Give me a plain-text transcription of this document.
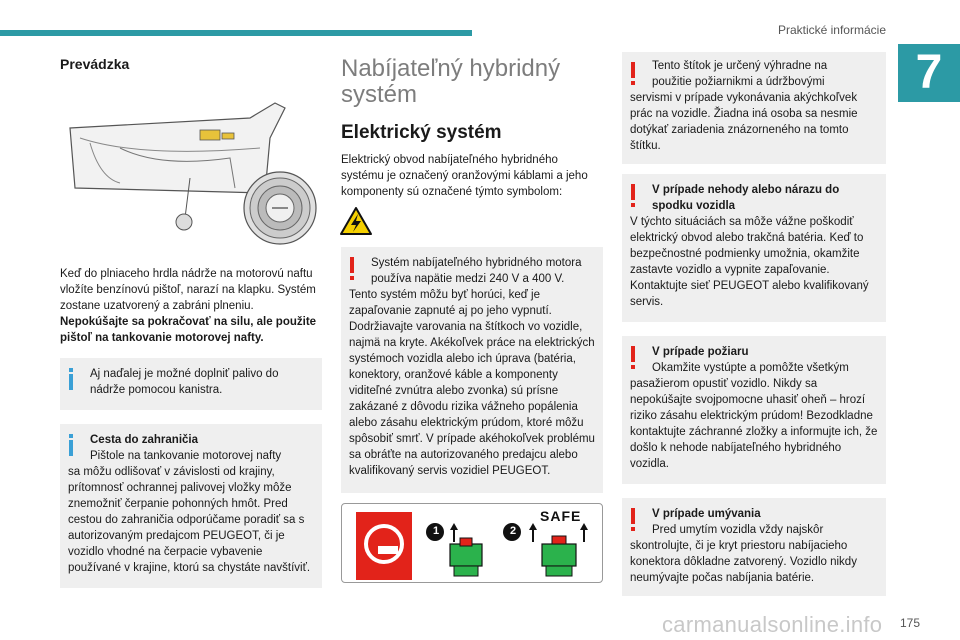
Praktické informácie
7
Prevádzka

Keď do plniaceho hrdla nádrže na motorovú naftu vložíte benzínovú pištoľ, narazí na klapku. Systém zostane uzatvorený a zabráni plneniu. Nepokúšajte sa pokračovať na silu, ale použite pištoľ na tankovanie motorovej nafty.

Aj naďalej je možné doplniť palivo do nádrže pomocou kanistra.
Cesta do zahraničia
Pištole na tankovanie motorovej nafty
sa môžu odlišovať v závislosti od krajiny, prítomnosť ochrannej palivovej vložky môže znemožniť čerpanie pohonných hmôt. Pred cestou do zahraničia odporúčame poradiť sa s autorizovaným predajcom PEUGEOT, či je vozidlo vhodné na čerpacie vybavenie používané v krajine, ktorú sa chystáte navštíviť.
Nabíjateľný hybridný
systém
Elektrický systém

Elektrický obvod nabíjateľného hybridného systému je označený oranžovými káblami a jeho komponenty sú označené týmto symbolom:

Systém nabíjateľného hybridného motora
používa napätie medzi 240 V a 400 V.
Tento systém môžu byť horúci, keď je zapaľovanie zapnuté aj po jeho vypnutí. Dodržiavajte varovania na štítkoch vo vozidle, najmä na kryte. Akékoľvek práce na elektrických systémoch vozidla alebo ich úprava (batéria, konektory, oranžové káble a komponenty viditeľné zvnútra alebo zvonka) sú prísne zakázané z dôvodu rizika vážneho popálenia alebo zásahu elektrickým prúdom, ktoré môžu spôsobiť smrť. V prípade akéhokoľvek problému sa obráťte na autorizovaného predajcu alebo kvalifikovaný servis vozidiel PEUGEOT.
1	2
SAFE
Tento štítok je určený výhradne na
použitie požiarnikmi a údržbovými
servismi v prípade vykonávania akýchkoľvek prác na vozidle. Žiadna iná osoba sa nesmie dotýkať zariadenia znázorneného na tomto štítku.
V prípade nehody alebo nárazu do
spodku vozidla
V týchto situáciách sa môže vážne poškodiť elektrický obvod alebo trakčná batéria. Keď to bezpečnostné podmienky umožnia, okamžite zastavte vozidlo a vypnite zapaľovanie. Kontaktujte sieť PEUGEOT alebo kvalifikovaný servis.
V prípade požiaru
Okamžite vystúpte a pomôžte všetkým
pasažierom opustiť vozidlo. Nikdy sa nepokúšajte svojpomocne uhasiť oheň – hrozí riziko zásahu elektrickým prúdom! Bezodkladne kontaktujte záchranné zložky a informujte ich, že došlo k nehode nabíjateľného hybridného vozidla.
V prípade umývania
Pred umytím vozidla vždy najskôr
skontrolujte, či je kryt priestoru nabíjacieho konektora dôkladne zatvorený. Vozidlo nikdy neumývajte počas nabíjania batérie.
carmanualsonline.info 175
